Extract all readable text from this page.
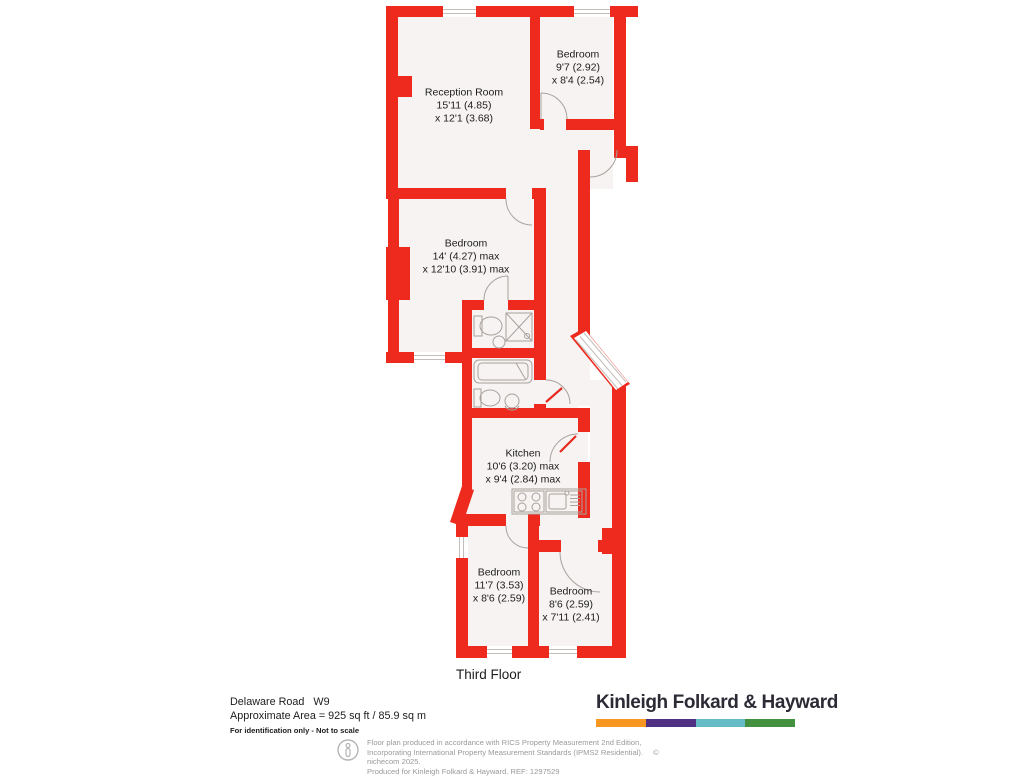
Reception Room
15'11 (4.85)
x 12'1 (3.68)
Bedroom
9'7 (2.92)
x 8'4 (2.54)
Bedroom
14' (4.27) max
x 12'10 (3.91) max
Kitchen
10'6 (3.20) max
x 9'4 (2.84) max
Bedroom
11'7 (3.53)
x 8'6 (2.59)
Bedroom
8'6 (2.59)
x 7'11 (2.41)
Third Floor
Delaware Road   W9
Approximate Area = 925 sq ft / 85.9 sq m
For identification only - Not to scale
Kinleigh Folkard & Hayward
Floor plan produced in accordance with RICS Property Measurement 2nd Edition,
Incorporating International Property Measurement Standards (IPMS2 Residential). © nichecom 2025.
Produced for Kinleigh Folkard & Hayward. REF: 1297529
